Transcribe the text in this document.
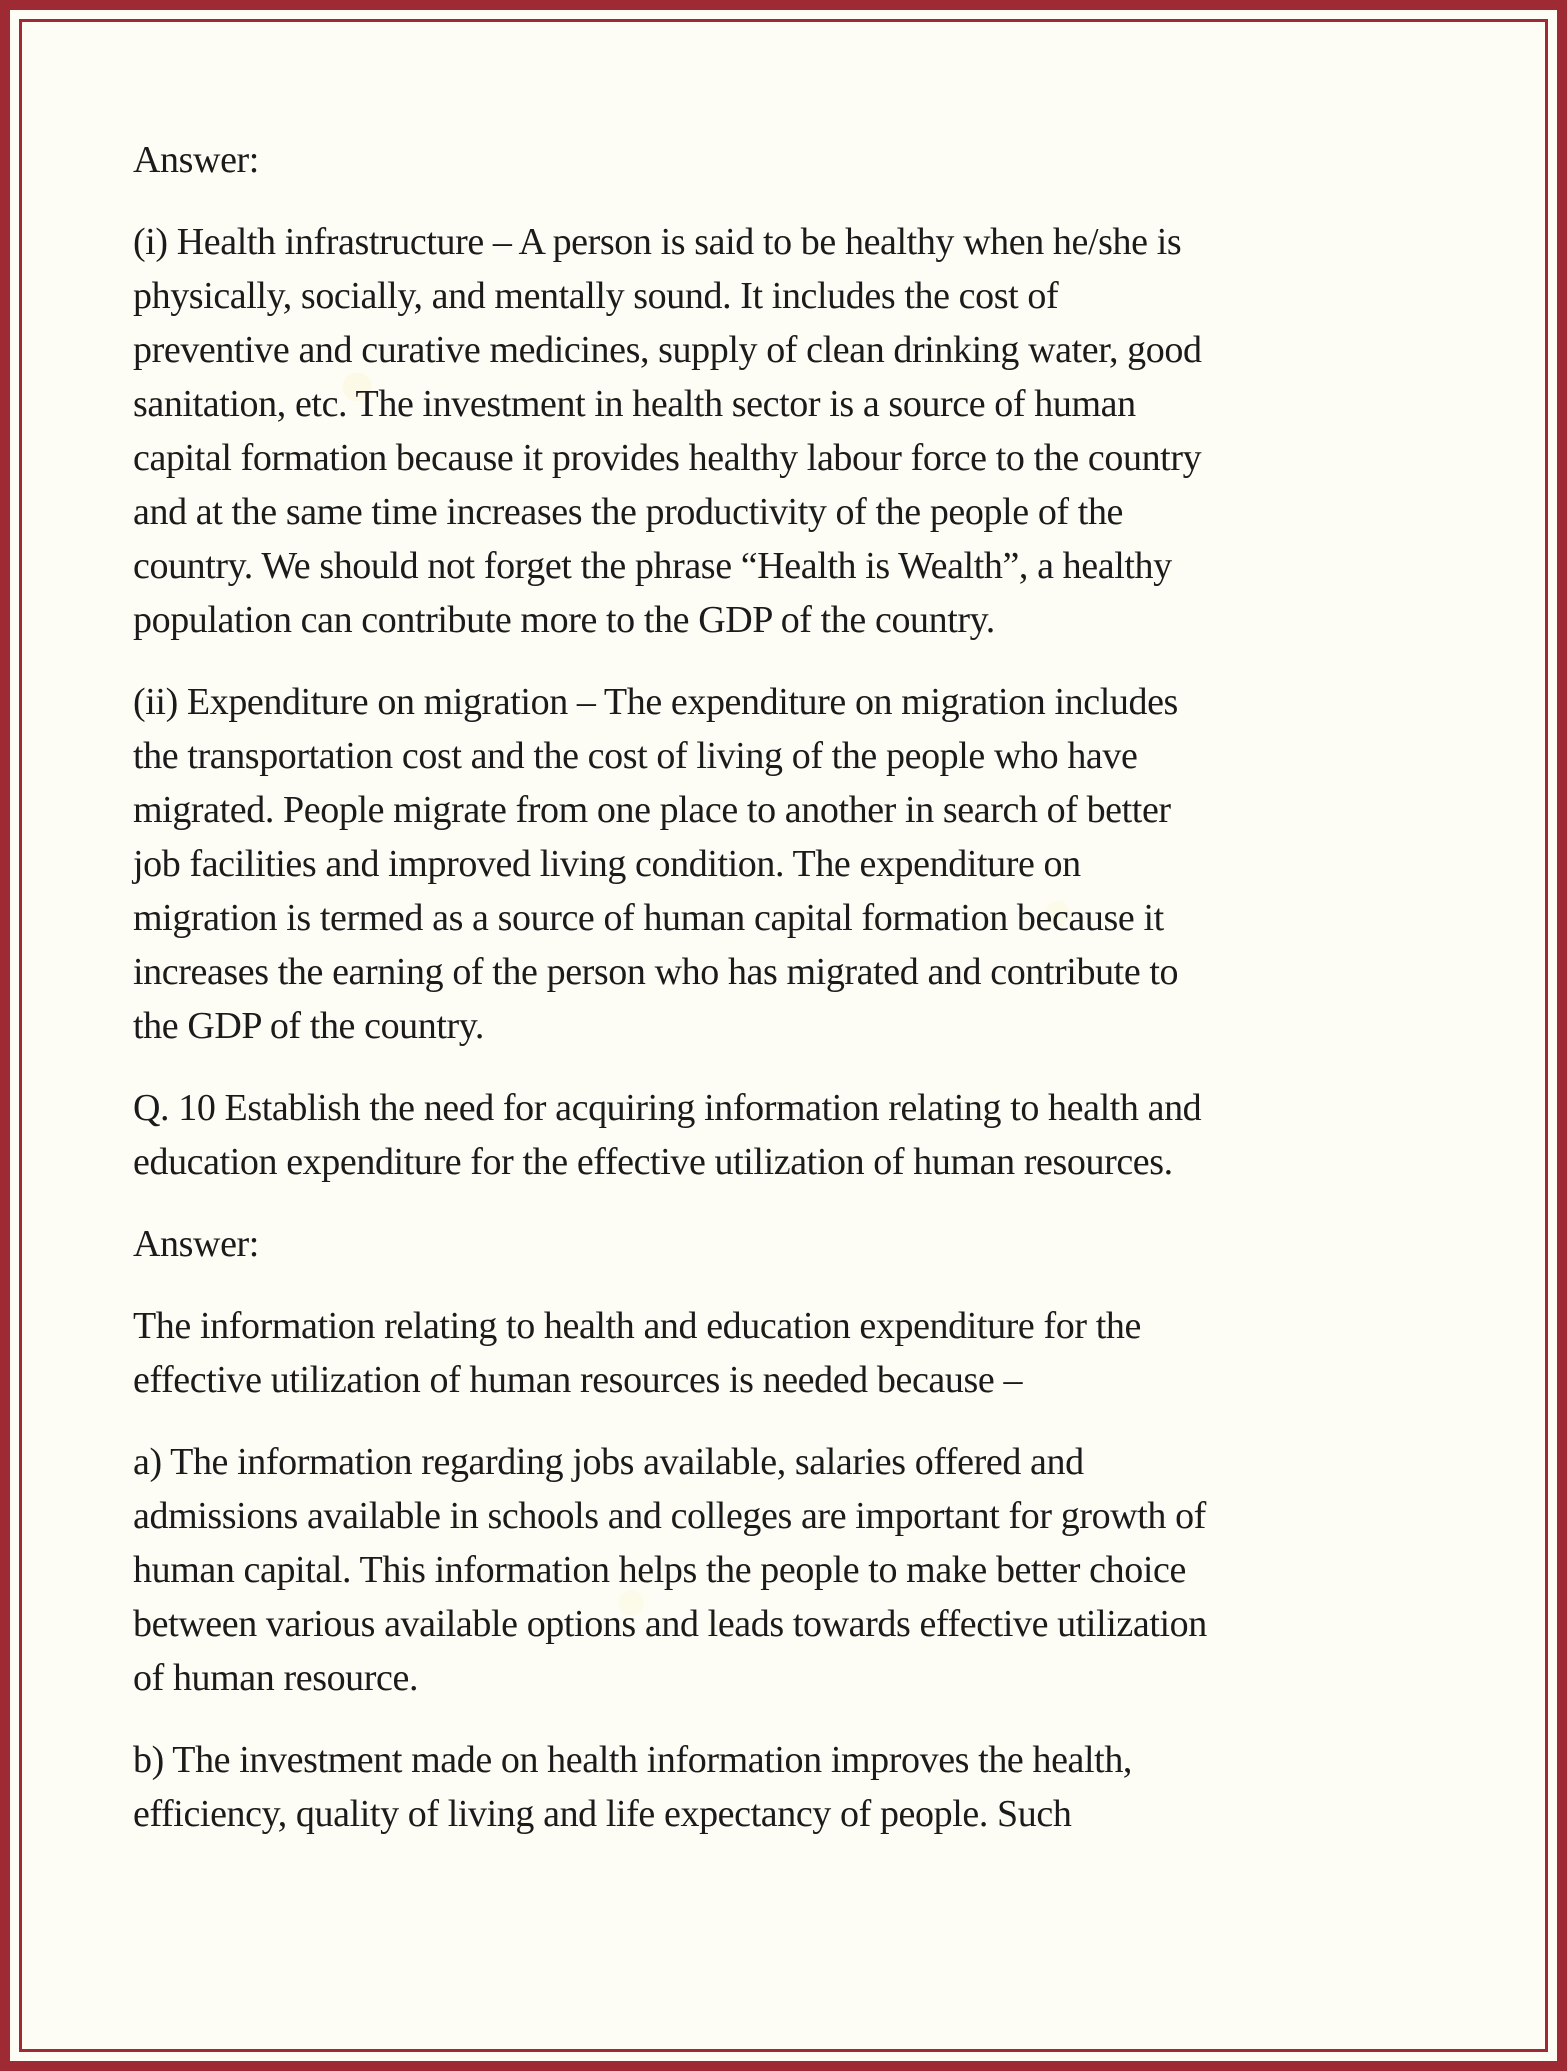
Answer:
(i) Health infrastructure – A person is said to be healthy when he/she is
physically, socially, and mentally sound. It includes the cost of
preventive and curative medicines, supply of clean drinking water, good
sanitation, etc. The investment in health sector is a source of human
capital formation because it provides healthy labour force to the country
and at the same time increases the productivity of the people of the
country. We should not forget the phrase “Health is Wealth”, a healthy
population can contribute more to the GDP of the country.
(ii) Expenditure on migration – The expenditure on migration includes
the transportation cost and the cost of living of the people who have
migrated. People migrate from one place to another in search of better
job facilities and improved living condition. The expenditure on
migration is termed as a source of human capital formation because it
increases the earning of the person who has migrated and contribute to
the GDP of the country.
Q. 10 Establish the need for acquiring information relating to health and
education expenditure for the effective utilization of human resources.
Answer:
The information relating to health and education expenditure for the
effective utilization of human resources is needed because –
a) The information regarding jobs available, salaries offered and
admissions available in schools and colleges are important for growth of
human capital. This information helps the people to make better choice
between various available options and leads towards effective utilization
of human resource.
b) The investment made on health information improves the health,
efficiency, quality of living and life expectancy of people. Such
